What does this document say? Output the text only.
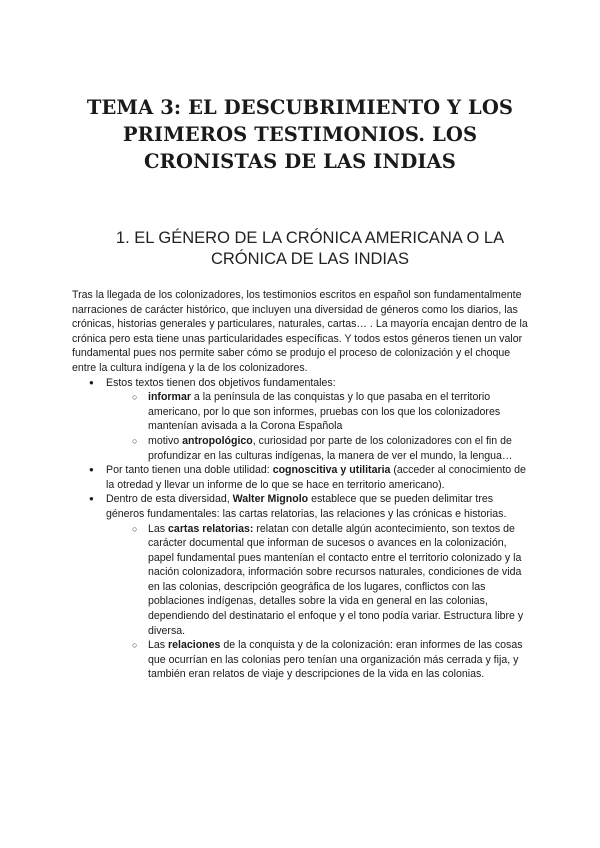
TEMA 3: EL DESCUBRIMIENTO Y LOS PRIMEROS TESTIMONIOS. LOS CRONISTAS DE LAS INDIAS
1. EL GÉNERO DE LA CRÓNICA AMERICANA O LA CRÓNICA DE LAS INDIAS

Tras la llegada de los colonizadores, los testimonios escritos en español son fundamentalmente narraciones de carácter histórico, que incluyen una diversidad de géneros como los diarios, las crónicas, historias generales y particulares, naturales, cartas… . La mayoría encajan dentro de la crónica pero esta tiene unas particularidades específicas. Y todos estos géneros tienen un valor fundamental pues nos permite saber cómo se produjo el proceso de colonización y el choque entre la cultura indígena y la de los colonizadores.

● Estos textos tienen dos objetivos fundamentales:
○ informar a la península de las conquistas y lo que pasaba en el territorio americano, por lo que son informes, pruebas con los que los colonizadores mantenían avisada a la Corona Española
○ motivo antropológico, curiosidad por parte de los colonizadores con el fin de profundizar en las culturas indígenas, la manera de ver el mundo, la lengua…
● Por tanto tienen una doble utilidad: cognoscitiva y utilitaria (acceder al conocimiento de la otredad y llevar un informe de lo que se hace en territorio americano).
● Dentro de esta diversidad, Walter Mignolo establece que se pueden delimitar tres géneros fundamentales: las cartas relatorias, las relaciones y las crónicas e historias.
○ Las cartas relatorias: relatan con detalle algún acontecimiento, son textos de carácter documental que informan de sucesos o avances en la colonización, papel fundamental pues mantenían el contacto entre el territorio colonizado y la nación colonizadora, información sobre recursos naturales, condiciones de vida en las colonias, descripción geográfica de los lugares, conflictos con las poblaciones indígenas, detalles sobre la vida en general en las colonias, dependiendo del destinatario el enfoque y el tono podía variar. Estructura libre y diversa.
○ Las relaciones de la conquista y de la colonización: eran informes de las cosas que ocurrían en las colonias pero tenían una organización más cerrada y fija, y también eran relatos de viaje y descripciones de la vida en las colonias.
